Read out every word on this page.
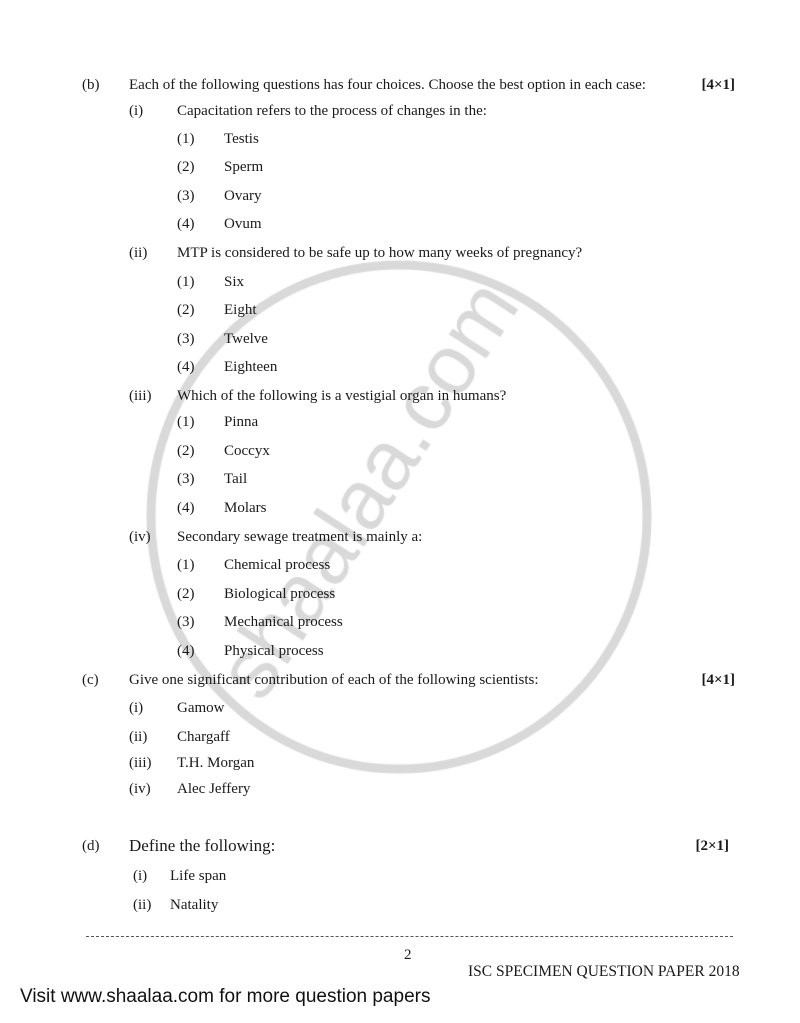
(b) Each of the following questions has four choices. Choose the best option in each case:	[4×1]
(i) Capacitation refers to the process of changes in the:
(1) Testis
(2) Sperm
(3) Ovary
(4) Ovum
(ii) MTP is considered to be safe up to how many weeks of pregnancy?
(1) Six
(2) Eight
(3) Twelve
(4) Eighteen
(iii) Which of the following is a vestigial organ in humans?
(1) Pinna
(2) Coccyx
(3) Tail
(4) Molars
(iv) Secondary sewage treatment is mainly a:
(1) Chemical process
(2) Biological process
(3) Mechanical process
(4) Physical process
(c) Give one significant contribution of each of the following scientists:	[4×1]
(i) Gamow
(ii) Chargaff
(iii) T.H. Morgan
(iv) Alec Jeffery
(d) Define the following:	[2×1]
(i) Life span
(ii) Natality
2
ISC SPECIMEN QUESTION PAPER 2018
Visit www.shaalaa.com for more question papers
